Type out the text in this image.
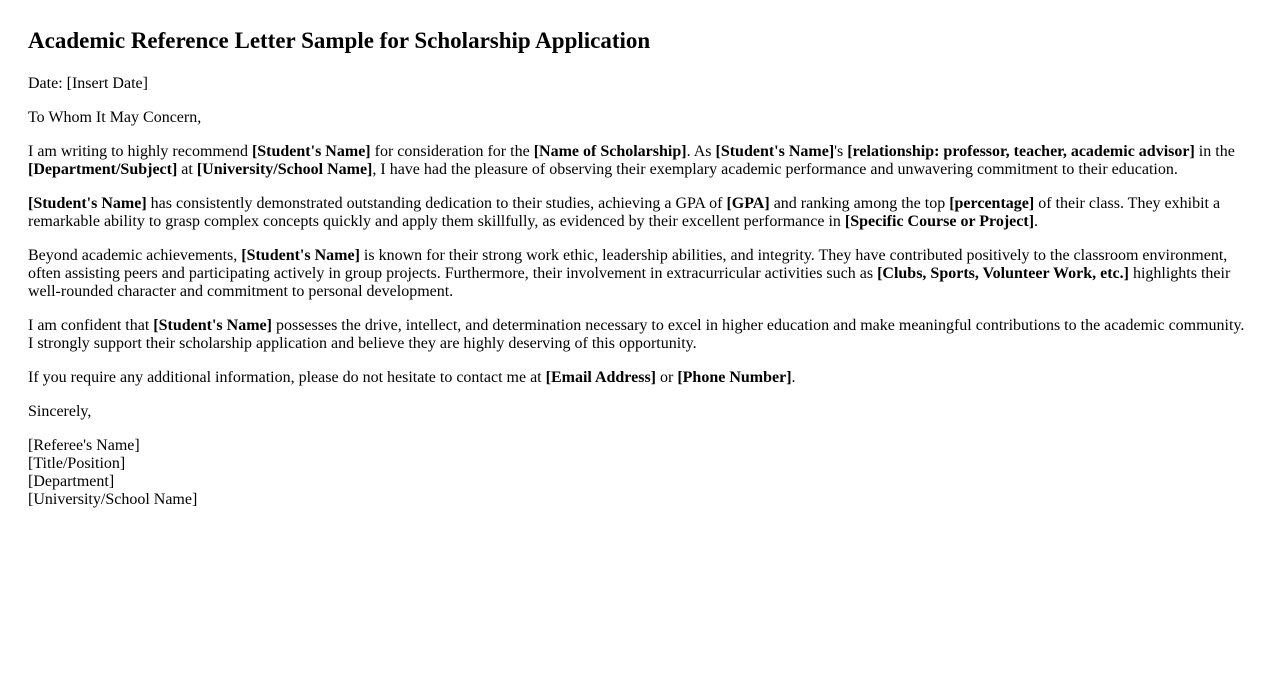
Academic Reference Letter Sample for Scholarship Application

Date: [Insert Date]

To Whom It May Concern,

I am writing to highly recommend [Student's Name] for consideration for the [Name of Scholarship]. As [Student's Name]'s [relationship: professor, teacher, academic advisor] in the [Department/Subject] at [University/School Name], I have had the pleasure of observing their exemplary academic performance and unwavering commitment to their education.

[Student's Name] has consistently demonstrated outstanding dedication to their studies, achieving a GPA of [GPA] and ranking among the top [percentage] of their class. They exhibit a remarkable ability to grasp complex concepts quickly and apply them skillfully, as evidenced by their excellent performance in [Specific Course or Project].

Beyond academic achievements, [Student's Name] is known for their strong work ethic, leadership abilities, and integrity. They have contributed positively to the classroom environment, often assisting peers and participating actively in group projects. Furthermore, their involvement in extracurricular activities such as [Clubs, Sports, Volunteer Work, etc.] highlights their well-rounded character and commitment to personal development.

I am confident that [Student's Name] possesses the drive, intellect, and determination necessary to excel in higher education and make meaningful contributions to the academic community. I strongly support their scholarship application and believe they are highly deserving of this opportunity.

If you require any additional information, please do not hesitate to contact me at [Email Address] or [Phone Number].

Sincerely,

[Referee's Name]
[Title/Position]
[Department]
[University/School Name]
